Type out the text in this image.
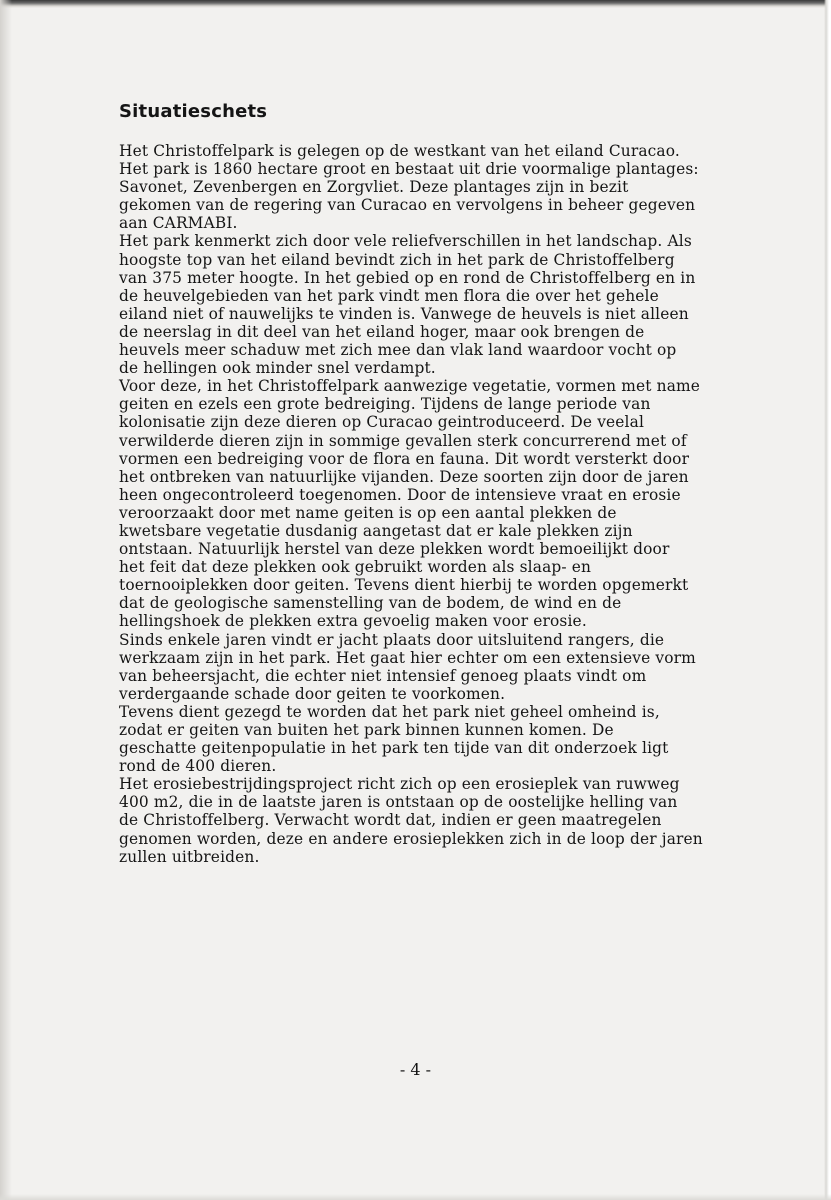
Situatieschets

Het Christoffelpark is gelegen op de westkant van het eiland Curacao.
Het park is 1860 hectare groot en bestaat uit drie voormalige plantages:
Savonet, Zevenbergen en Zorgvliet. Deze plantages zijn in bezit
gekomen van de regering van Curacao en vervolgens in beheer gegeven
aan CARMABI.

Het park kenmerkt zich door vele reliefverschillen in het landschap. Als
hoogste top van het eiland bevindt zich in het park de Christoffelberg
van 375 meter hoogte. In het gebied op en rond de Christoffelberg en in
de heuvelgebieden van het park vindt men flora die over het gehele
eiland niet of nauwelijks te vinden is. Vanwege de heuvels is niet alleen
de neerslag in dit deel van het eiland hoger, maar ook brengen de
heuvels meer schaduw met zich mee dan vlak land waardoor vocht op
de hellingen ook minder snel verdampt.

Voor deze, in het Christoffelpark aanwezige vegetatie, vormen met name
geiten en ezels een grote bedreiging. Tijdens de lange periode van
kolonisatie zijn deze dieren op Curacao geintroduceerd. De veelal
verwilderde dieren zijn in sommige gevallen sterk concurrerend met of
vormen een bedreiging voor de flora en fauna. Dit wordt versterkt door
het ontbreken van natuurlijke vijanden. Deze soorten zijn door de jaren
heen ongecontroleerd toegenomen. Door de intensieve vraat en erosie
veroorzaakt door met name geiten is op een aantal plekken de
kwetsbare vegetatie dusdanig aangetast dat er kale plekken zijn
ontstaan. Natuurlijk herstel van deze plekken wordt bemoeilijkt door
het feit dat deze plekken ook gebruikt worden als slaap- en
toernooiplekken door geiten. Tevens dient hierbij te worden opgemerkt
dat de geologische samenstelling van de bodem, de wind en de
hellingshoek de plekken extra gevoelig maken voor erosie.

Sinds enkele jaren vindt er jacht plaats door uitsluitend rangers, die
werkzaam zijn in het park. Het gaat hier echter om een extensieve vorm
van beheersjacht, die echter niet intensief genoeg plaats vindt om
verdergaande schade door geiten te voorkomen.

Tevens dient gezegd te worden dat het park niet geheel omheind is,
zodat er geiten van buiten het park binnen kunnen komen. De
geschatte geitenpopulatie in het park ten tijde van dit onderzoek ligt
rond de 400 dieren.

Het erosiebestrijdingsproject richt zich op een erosieplek van ruwweg
400 m2, die in de laatste jaren is ontstaan op de oostelijke helling van
de Christoffelberg. Verwacht wordt dat, indien er geen maatregelen
genomen worden, deze en andere erosieplekken zich in de loop der jaren
zullen uitbreiden.

- 4 -
